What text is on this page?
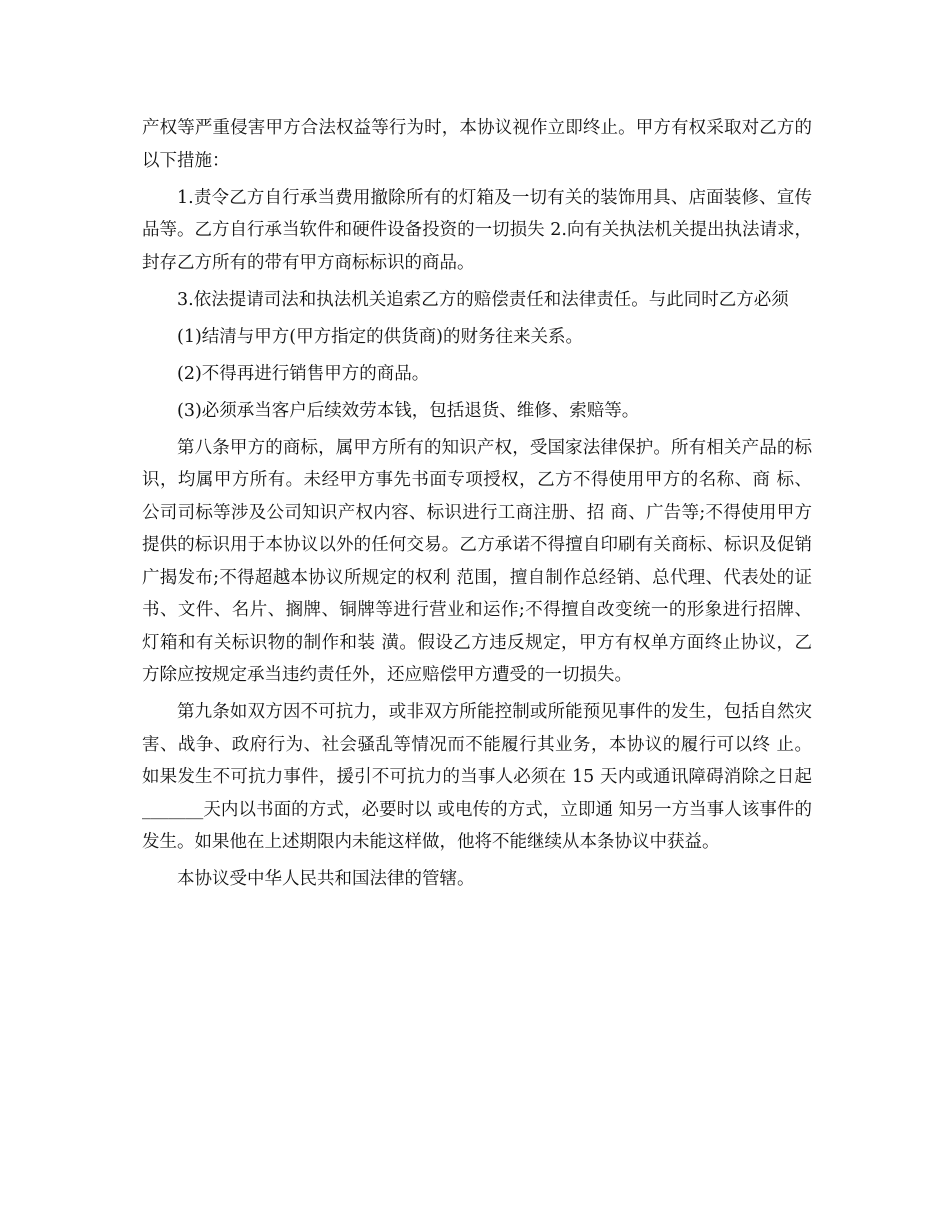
产权等严重侵害甲方合法权益等行为时，本协议视作立即终止。甲方有权采取对乙方的 以下措施：

1.责令乙方自行承当费用撤除所有的灯箱及一切有关的装饰用具、店面装修、宣传品等。乙方自行承当软件和硬件设备投资的一切损失 2.向有关执法机关提出执法请求，封存乙方所有的带有甲方商标标识的商品。

3.依法提请司法和执法机关追索乙方的赔偿责任和法律责任。与此同时乙方必须

(1)结清与甲方(甲方指定的供货商)的财务往来关系。

(2)不得再进行销售甲方的商品。

(3)必须承当客户后续效劳本钱，包括退货、维修、索赔等。

第八条甲方的商标，属甲方所有的知识产权，受国家法律保护。所有相关产品的标识，均属甲方所有。未经甲方事先书面专项授权，乙方不得使用甲方的名称、商 标、公司司标等涉及公司知识产权内容、标识进行工商注册、招 商、广告等;不得使用甲方提供的标识用于本协议以外的任何交易。乙方承诺不得擅自印刷有关商标、标识及促销广揭发布;不得超越本协议所规定的权利 范围，擅自制作总经销、总代理、代表处的证书、文件、名片、搁牌、铜牌等进行营业和运作;不得擅自改变统一的形象进行招牌、灯箱和有关标识物的制作和装 潢。假设乙方违反规定，甲方有权单方面终止协议，乙方除应按规定承当违约责任外，还应赔偿甲方遭受的一切损失。

第九条如双方因不可抗力，或非双方所能控制或所能预见事件的发生，包括自然灾害、战争、政府行为、社会骚乱等情况而不能履行其业务，本协议的履行可以终 止。如果发生不可抗力事件，援引不可抗力的当事人必须在 15 天内或通讯障碍消除之日起_______天内以书面的方式，必要时以 或电传的方式，立即通 知另一方当事人该事件的发生。如果他在上述期限内未能这样做，他将不能继续从本条协议中获益。

本协议受中华人民共和国法律的管辖。
